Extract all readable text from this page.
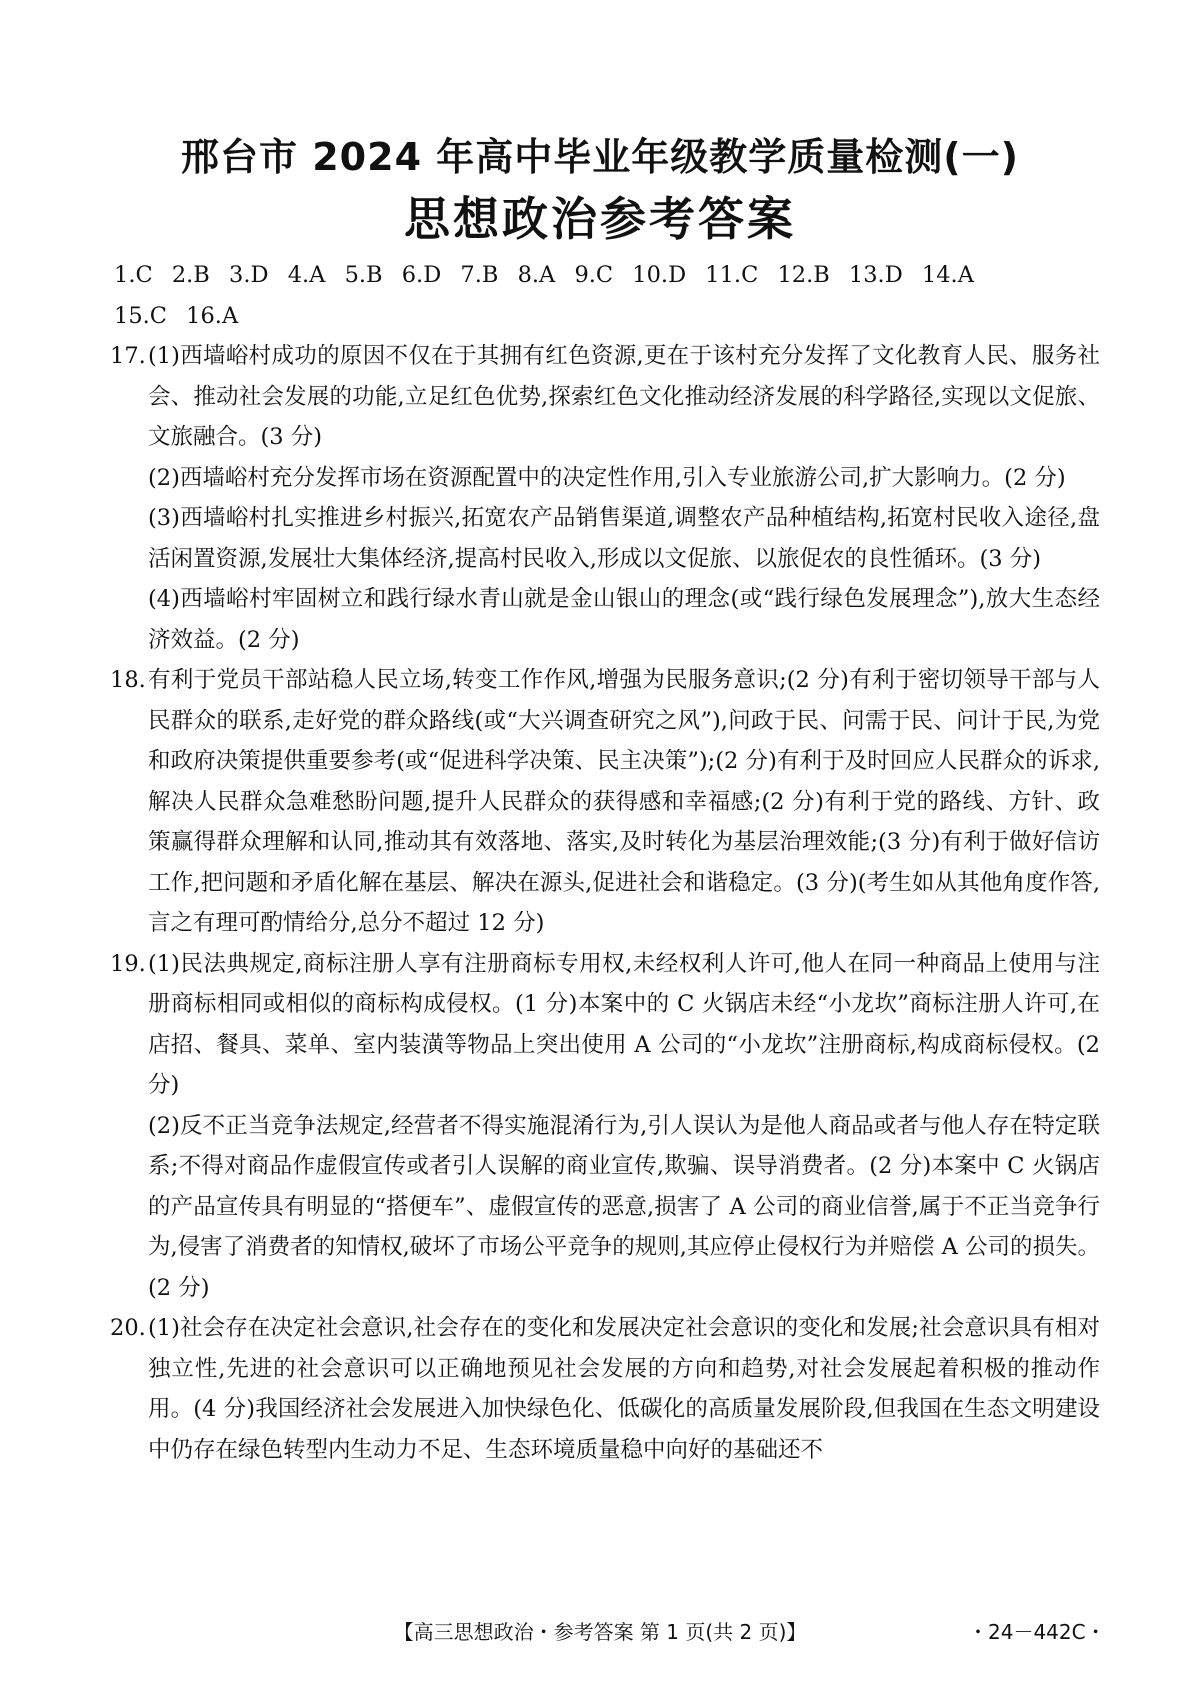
邢台市 2024 年高中毕业年级教学质量检测(一)
思想政治参考答案
1.C 2.B 3.D 4.A 5.B 6.D 7.B 8.A 9.C 10.D 11.C 12.B 13.D 14.A
15.C 16.A
17. (1)西墙峪村成功的原因不仅在于其拥有红色资源,更在于该村充分发挥了文化教育人民、服务社会、推动社会发展的功能,立足红色优势,探索红色文化推动经济发展的科学路径,实现以文促旅、文旅融合。(3 分)
(2)西墙峪村充分发挥市场在资源配置中的决定性作用,引入专业旅游公司,扩大影响力。(2 分)
(3)西墙峪村扎实推进乡村振兴,拓宽农产品销售渠道,调整农产品种植结构,拓宽村民收入途径,盘活闲置资源,发展壮大集体经济,提高村民收入,形成以文促旅、以旅促农的良性循环。(3 分)
(4)西墙峪村牢固树立和践行绿水青山就是金山银山的理念(或“践行绿色发展理念”),放大生态经济效益。(2 分)
18. 有利于党员干部站稳人民立场,转变工作作风,增强为民服务意识;(2 分)有利于密切领导干部与人民群众的联系,走好党的群众路线(或“大兴调查研究之风”),问政于民、问需于民、问计于民,为党和政府决策提供重要参考(或“促进科学决策、民主决策”);(2 分)有利于及时回应人民群众的诉求,解决人民群众急难愁盼问题,提升人民群众的获得感和幸福感;(2 分)有利于党的路线、方针、政策赢得群众理解和认同,推动其有效落地、落实,及时转化为基层治理效能;(3 分)有利于做好信访工作,把问题和矛盾化解在基层、解决在源头,促进社会和谐稳定。(3 分)(考生如从其他角度作答,言之有理可酌情给分,总分不超过 12 分)
19. (1)民法典规定,商标注册人享有注册商标专用权,未经权利人许可,他人在同一种商品上使用与注册商标相同或相似的商标构成侵权。(1 分)本案中的 C 火锅店未经“小龙坎”商标注册人许可,在店招、餐具、菜单、室内装潢等物品上突出使用 A 公司的“小龙坎”注册商标,构成商标侵权。(2 分)
(2)反不正当竞争法规定,经营者不得实施混淆行为,引人误认为是他人商品或者与他人存在特定联系;不得对商品作虚假宣传或者引人误解的商业宣传,欺骗、误导消费者。(2 分)本案中 C 火锅店的产品宣传具有明显的“搭便车”、虚假宣传的恶意,损害了 A 公司的商业信誉,属于不正当竞争行为,侵害了消费者的知情权,破坏了市场公平竞争的规则,其应停止侵权行为并赔偿 A 公司的损失。(2 分)
20. (1)社会存在决定社会意识,社会存在的变化和发展决定社会意识的变化和发展;社会意识具有相对独立性,先进的社会意识可以正确地预见社会发展的方向和趋势,对社会发展起着积极的推动作用。(4 分)我国经济社会发展进入加快绿色化、低碳化的高质量发展阶段,但我国在生态文明建设中仍存在绿色转型内生动力不足、生态环境质量稳中向好的基础还不
【高三思想政治・参考答案 第 1 页(共 2 页)】	・24－442C・
